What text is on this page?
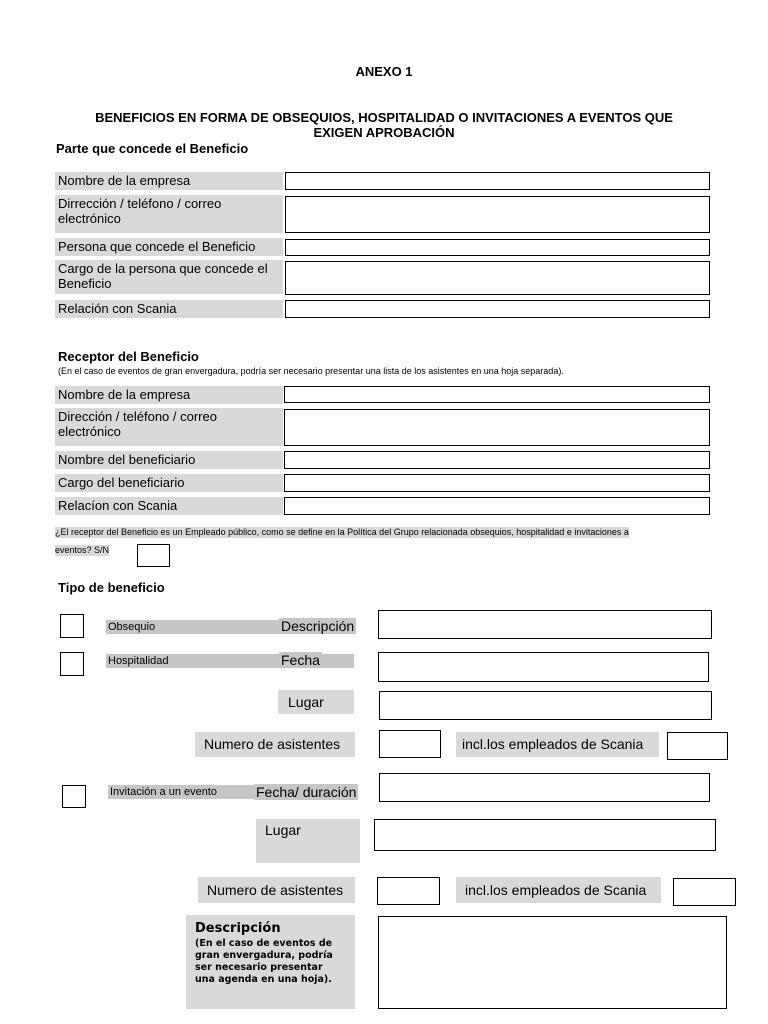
ANEXO 1
BENEFICIOS EN FORMA DE OBSEQUIOS, HOSPITALIDAD O INVITACIONES A EVENTOS QUE
EXIGEN APROBACIÓN
Parte que concede el Beneficio
Nombre de la empresa
Dirrección / teléfono / correo
electrónico
Persona que concede el Beneficio
Cargo de la persona que concede el
Beneficio
Relación con Scania
Receptor del Beneficio
(En el caso de eventos de gran envergadura, podría ser necesario presentar una lista de los asistentes en una hoja separada).
Nombre de la empresa
Dirección / teléfono / correo
electrónico
Nombre del beneficiario
Cargo del beneficiario
Relacíon con Scania
¿El receptor del Beneficio es un Empleado público, como se define en la Política del Grupo relacionada obsequios, hospitalidad e invitaciones a
eventos? S/N
Tipo de beneficio
Obsequio	Descripción
Hospitalidad	Fecha
Lugar
Numero de asistentes	incl.los empleados de Scania
Invitación a un evento	Fecha/ duración
Lugar
Numero de asistentes	incl.los empleados de Scania
Descripción
(En el caso de eventos de
gran envergadura, podría
ser necesario presentar
una agenda en una hoja).
